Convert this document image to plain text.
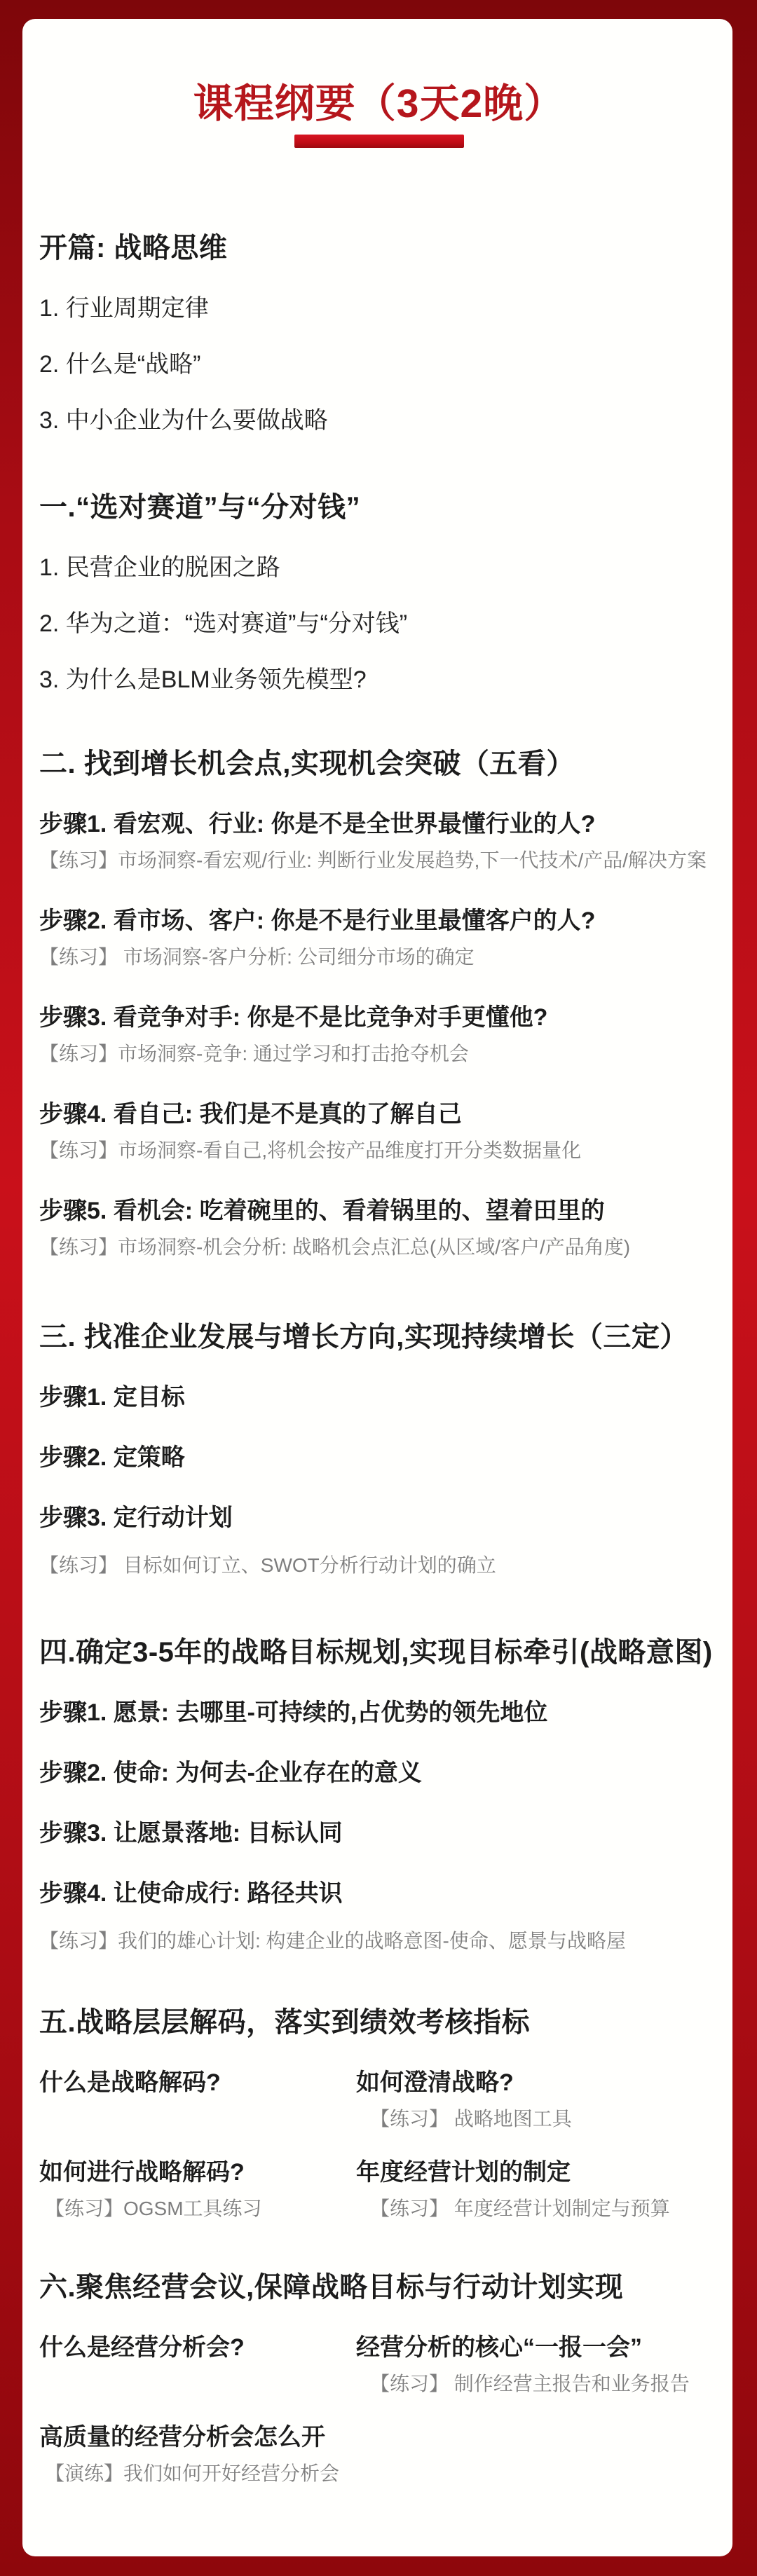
课程纲要（3天2晚）
开篇: 战略思维
1. 行业周期定律
2. 什么是“战略”
3. 中小企业为什么要做战略
一.“选对赛道”与“分对钱”
1. 民营企业的脱困之路
2. 华为之道：“选对赛道”与“分对钱”
3. 为什么是BLM业务领先模型?
二. 找到增长机会点,实现机会突破（五看）
步骤1. 看宏观、行业: 你是不是全世界最懂行业的人?
【练习】市场洞察-看宏观/行业: 判断行业发展趋势,下一代技术/产品/解决方案
步骤2. 看市场、客户: 你是不是行业里最懂客户的人?
【练习】 市场洞察-客户分析: 公司细分市场的确定
步骤3. 看竞争对手: 你是不是比竞争对手更懂他?
【练习】市场洞察-竞争: 通过学习和打击抢夺机会
步骤4. 看自己: 我们是不是真的了解自己
【练习】市场洞察-看自己,将机会按产品维度打开分类数据量化
步骤5. 看机会: 吃着碗里的、看着锅里的、望着田里的
【练习】市场洞察-机会分析: 战略机会点汇总(从区域/客户/产品角度)
三. 找准企业发展与增长方向,实现持续增长（三定）
步骤1. 定目标
步骤2. 定策略
步骤3. 定行动计划
【练习】 目标如何订立、SWOT分析行动计划的确立
四.确定3-5年的战略目标规划,实现目标牵引(战略意图)
步骤1. 愿景: 去哪里-可持续的,占优势的领先地位
步骤2. 使命: 为何去-企业存在的意义
步骤3. 让愿景落地: 目标认同
步骤4. 让使命成行: 路径共识
【练习】我们的雄心计划: 构建企业的战略意图-使命、愿景与战略屋
五.战略层层解码，落实到绩效考核指标
什么是战略解码?	如何澄清战略?
【练习】 战略地图工具
如何进行战略解码?
【练习】OGSM工具练习
年度经营计划的制定
【练习】 年度经营计划制定与预算
六.聚焦经营会议,保障战略目标与行动计划实现
什么是经营分析会?	经营分析的核心“一报一会”
【练习】 制作经营主报告和业务报告
高质量的经营分析会怎么开
【演练】我们如何开好经营分析会
